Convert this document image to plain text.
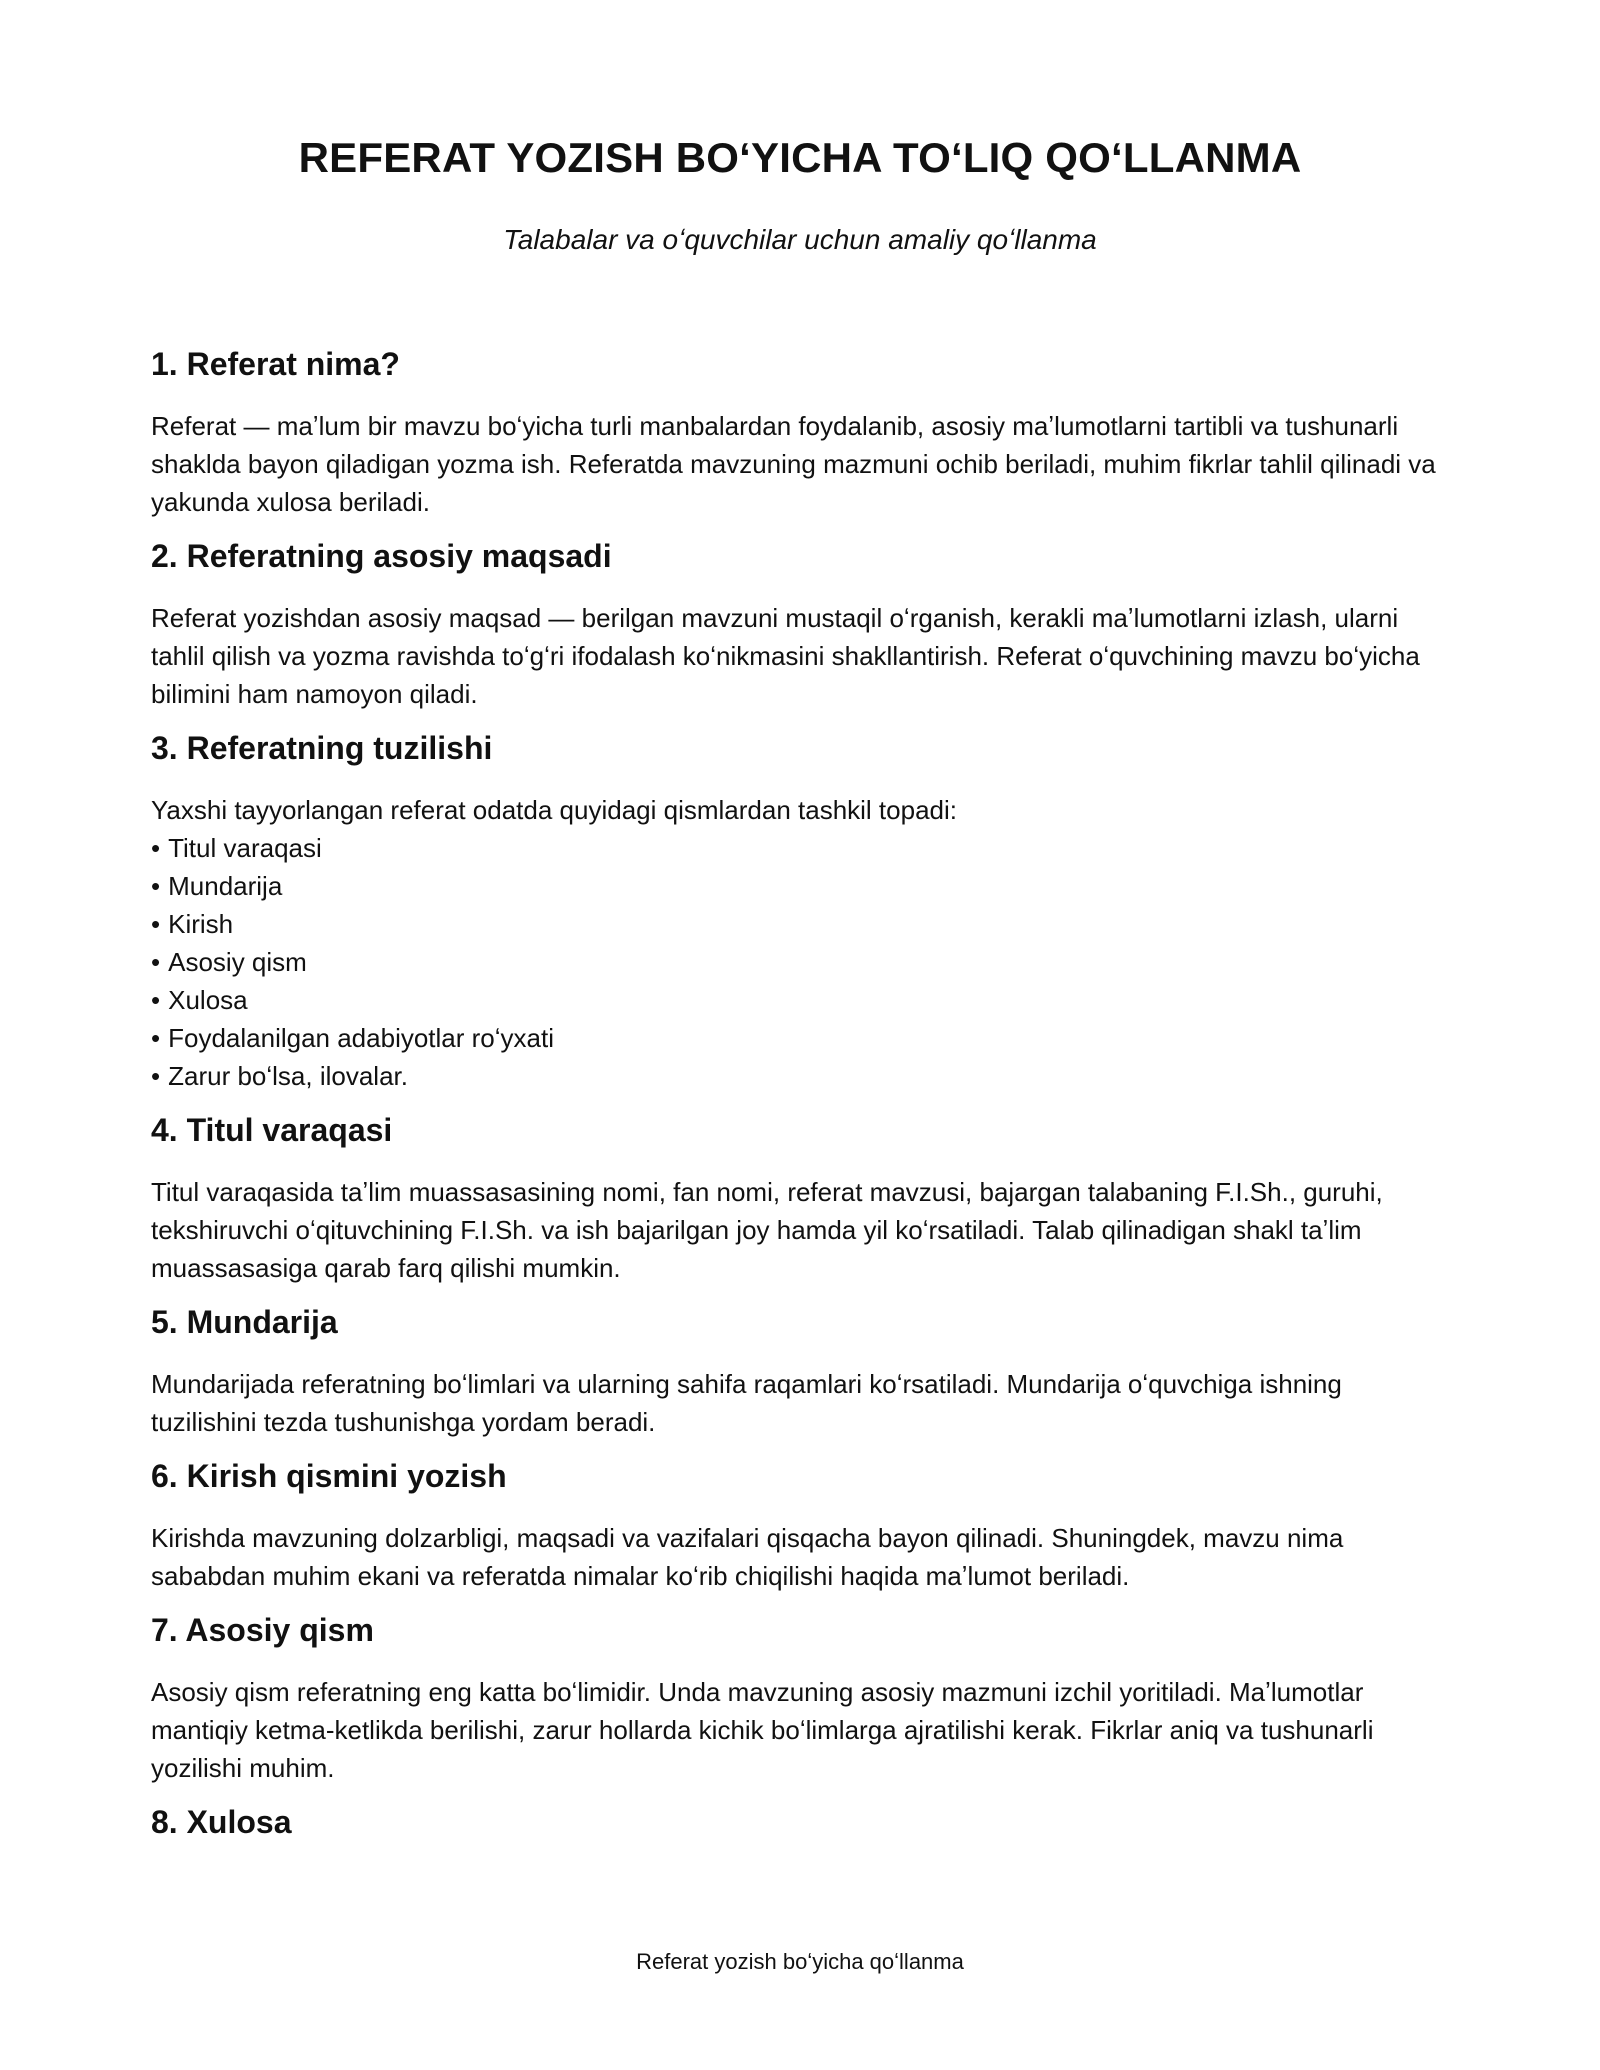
REFERAT YOZISH BOʻYICHA TOʻLIQ QOʻLLANMA

Talabalar va oʻquvchilar uchun amaliy qoʻllanma

1. Referat nima?

Referat — maʼlum bir mavzu boʻyicha turli manbalardan foydalanib, asosiy maʼlumotlarni tartibli va tushunarli shaklda bayon qiladigan yozma ish. Referatda mavzuning mazmuni ochib beriladi, muhim fikrlar tahlil qilinadi va yakunda xulosa beriladi.

2. Referatning asosiy maqsadi

Referat yozishdan asosiy maqsad — berilgan mavzuni mustaqil oʻrganish, kerakli maʼlumotlarni izlash, ularni tahlil qilish va yozma ravishda toʻgʻri ifodalash koʻnikmasini shakllantirish. Referat oʻquvchining mavzu boʻyicha bilimini ham namoyon qiladi.

3. Referatning tuzilishi

Yaxshi tayyorlangan referat odatda quyidagi qismlardan tashkil topadi:

• Titul varaqasi
• Mundarija
• Kirish
• Asosiy qism
• Xulosa
• Foydalanilgan adabiyotlar roʻyxati
• Zarur boʻlsa, ilovalar.
4. Titul varaqasi

Titul varaqasida taʼlim muassasasining nomi, fan nomi, referat mavzusi, bajargan talabaning F.I.Sh., guruhi, tekshiruvchi oʻqituvchining F.I.Sh. va ish bajarilgan joy hamda yil koʻrsatiladi. Talab qilinadigan shakl taʼlim muassasasiga qarab farq qilishi mumkin.

5. Mundarija

Mundarijada referatning boʻlimlari va ularning sahifa raqamlari koʻrsatiladi. Mundarija oʻquvchiga ishning tuzilishini tezda tushunishga yordam beradi.

6. Kirish qismini yozish

Kirishda mavzuning dolzarbligi, maqsadi va vazifalari qisqacha bayon qilinadi. Shuningdek, mavzu nima sababdan muhim ekani va referatda nimalar koʻrib chiqilishi haqida maʼlumot beriladi.

7. Asosiy qism

Asosiy qism referatning eng katta boʻlimidir. Unda mavzuning asosiy mazmuni izchil yoritiladi. Maʼlumotlar mantiqiy ketma-ketlikda berilishi, zarur hollarda kichik boʻlimlarga ajratilishi kerak. Fikrlar aniq va tushunarli yozilishi muhim.

8. Xulosa

Referat yozish boʻyicha qoʻllanma
